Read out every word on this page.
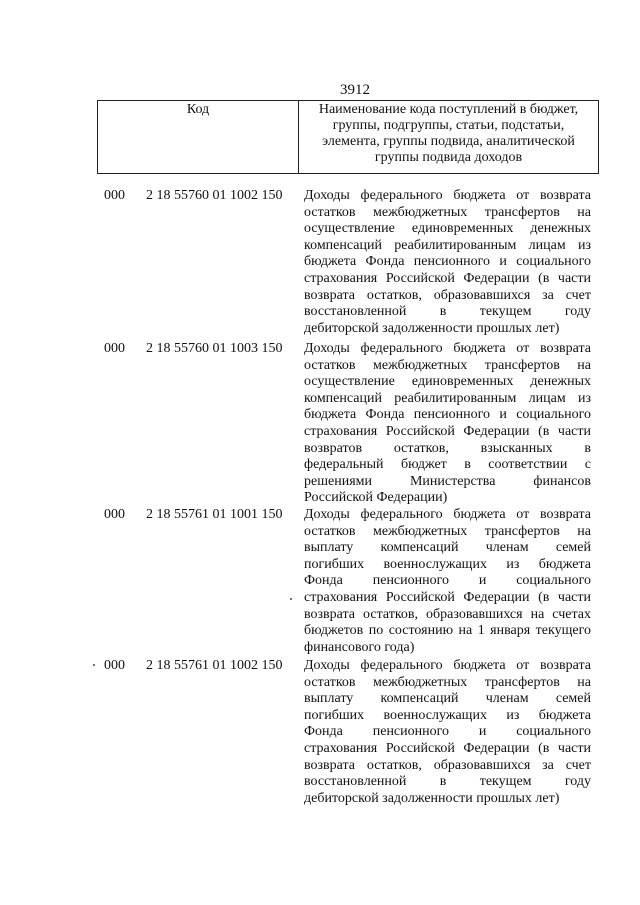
3912
Код	Наименование кода поступлений в бюджет, группы, подгруппы, статьи, подстатьи, элемента, группы подвида, аналитической группы подвида доходов
000 2 18 55760 01 1002 150 Доходы федерального бюджета от возврата
остатков межбюджетных трансфертов на
осуществление единовременных денежных
компенсаций реабилитированным лицам из
бюджета Фонда пенсионного и социального
страхования Российской Федерации (в части
возврата остатков, образовавшихся за счет
восстановленной в текущем году
дебиторской задолженности прошлых лет)
000 2 18 55760 01 1003 150 Доходы федерального бюджета от возврата
остатков межбюджетных трансфертов на
осуществление единовременных денежных
компенсаций реабилитированным лицам из
бюджета Фонда пенсионного и социального
страхования Российской Федерации (в части
возвратов остатков, взысканных в
федеральный бюджет в соответствии с
решениями Министерства финансов
Российской Федерации)
000 2 18 55761 01 1001 150 Доходы федерального бюджета от возврата
остатков межбюджетных трансфертов на
выплату компенсаций членам семей
погибших военнослужащих из бюджета
Фонда пенсионного и социального
страхования Российской Федерации (в части
возврата остатков, образовавшихся на счетах
бюджетов по состоянию на 1 января текущего
финансового года)
000 2 18 55761 01 1002 150 Доходы федерального бюджета от возврата
остатков межбюджетных трансфертов на
выплату компенсаций членам семей
погибших военнослужащих из бюджета
Фонда пенсионного и социального
страхования Российской Федерации (в части
возврата остатков, образовавшихся за счет
восстановленной в текущем году
дебиторской задолженности прошлых лет)
